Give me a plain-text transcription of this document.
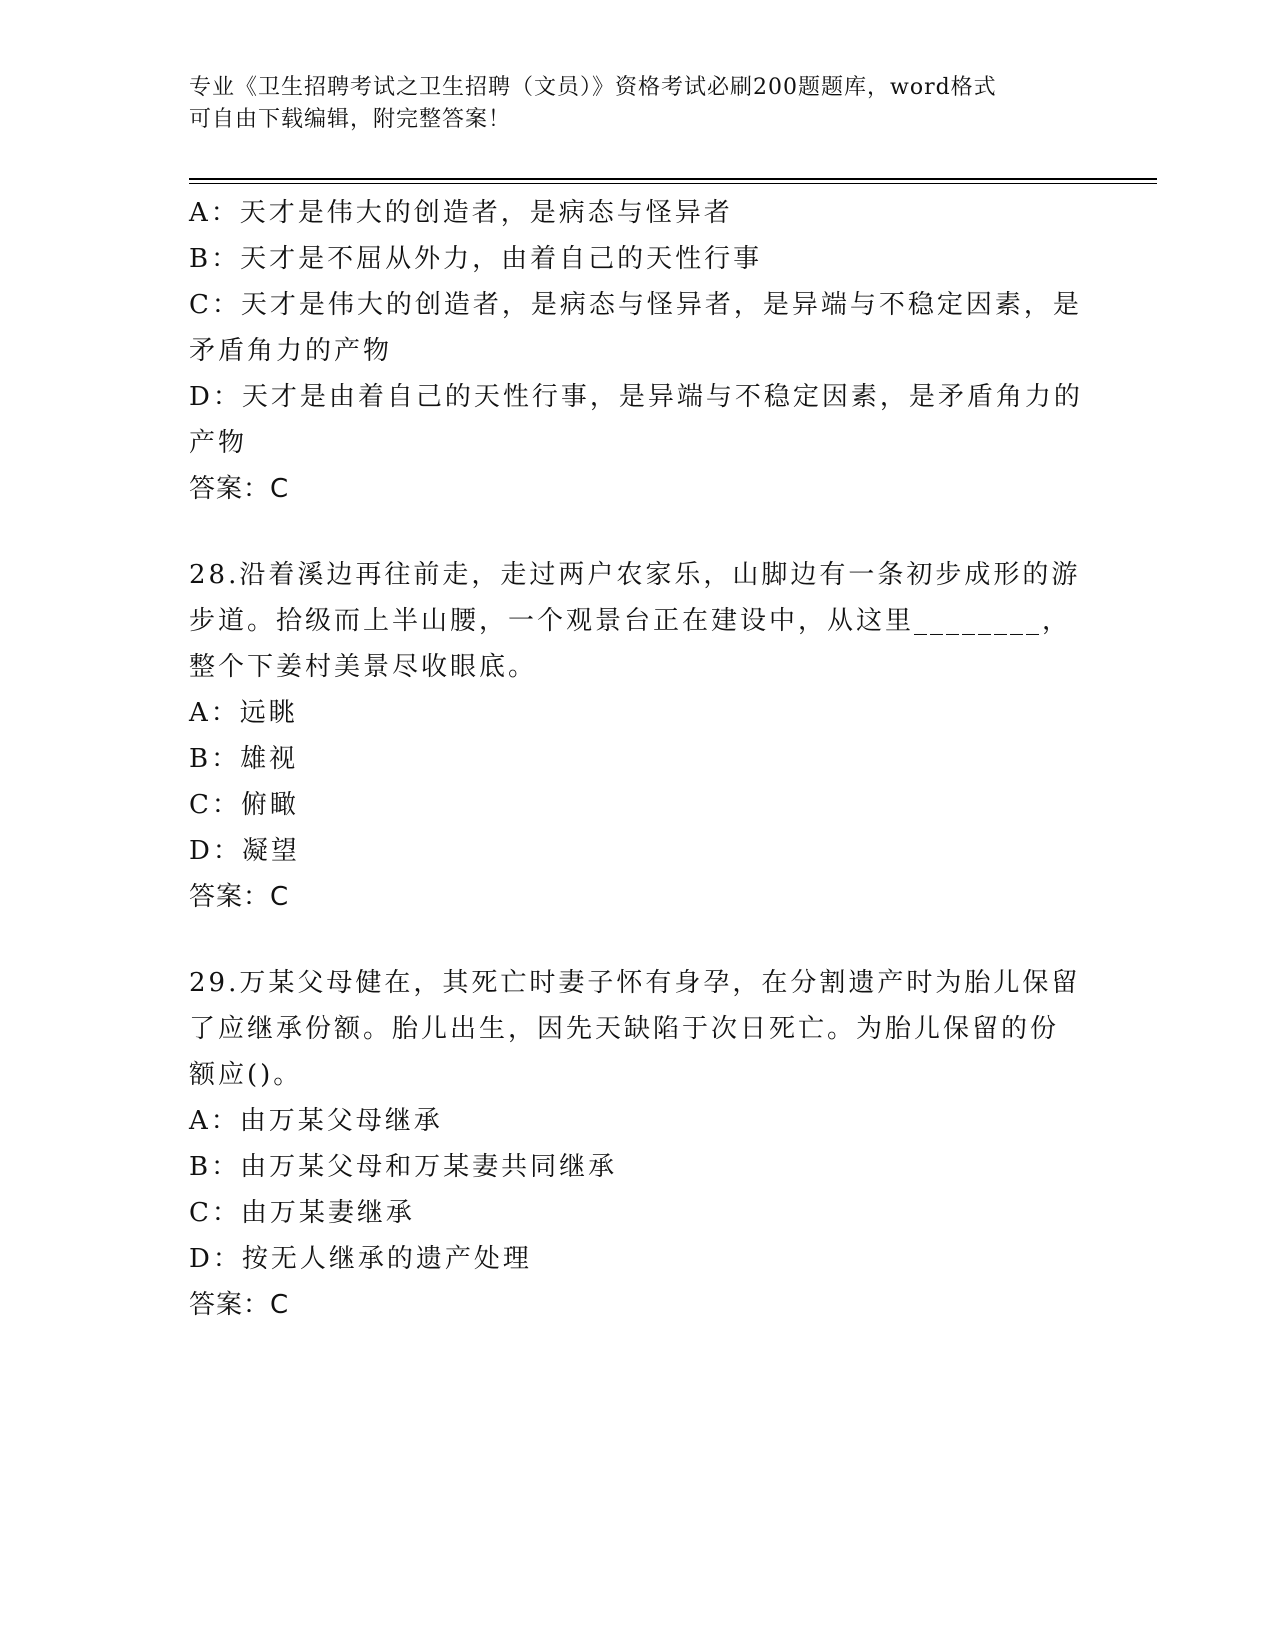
专业《卫生招聘考试之卫生招聘（文员）》资格考试必刷200题题库，word格式

可自由下载编辑，附完整答案！

A：天才是伟大的创造者，是病态与怪异者

B：天才是不屈从外力，由着自己的天性行事

C：天才是伟大的创造者，是病态与怪异者，是异端与不稳定因素，是

矛盾角力的产物

D：天才是由着自己的天性行事，是异端与不稳定因素，是矛盾角力的

产物

答案：C

28.沿着溪边再往前走，走过两户农家乐，山脚边有一条初步成形的游

步道。拾级而上半山腰，一个观景台正在建设中，从这里________，

整个下姜村美景尽收眼底。

A：远眺

B：雄视

C：俯瞰

D：凝望

答案：C

29.万某父母健在，其死亡时妻子怀有身孕，在分割遗产时为胎儿保留

了应继承份额。胎儿出生，因先天缺陷于次日死亡。为胎儿保留的份

额应()。

A：由万某父母继承

B：由万某父母和万某妻共同继承

C：由万某妻继承

D：按无人继承的遗产处理

答案：C
